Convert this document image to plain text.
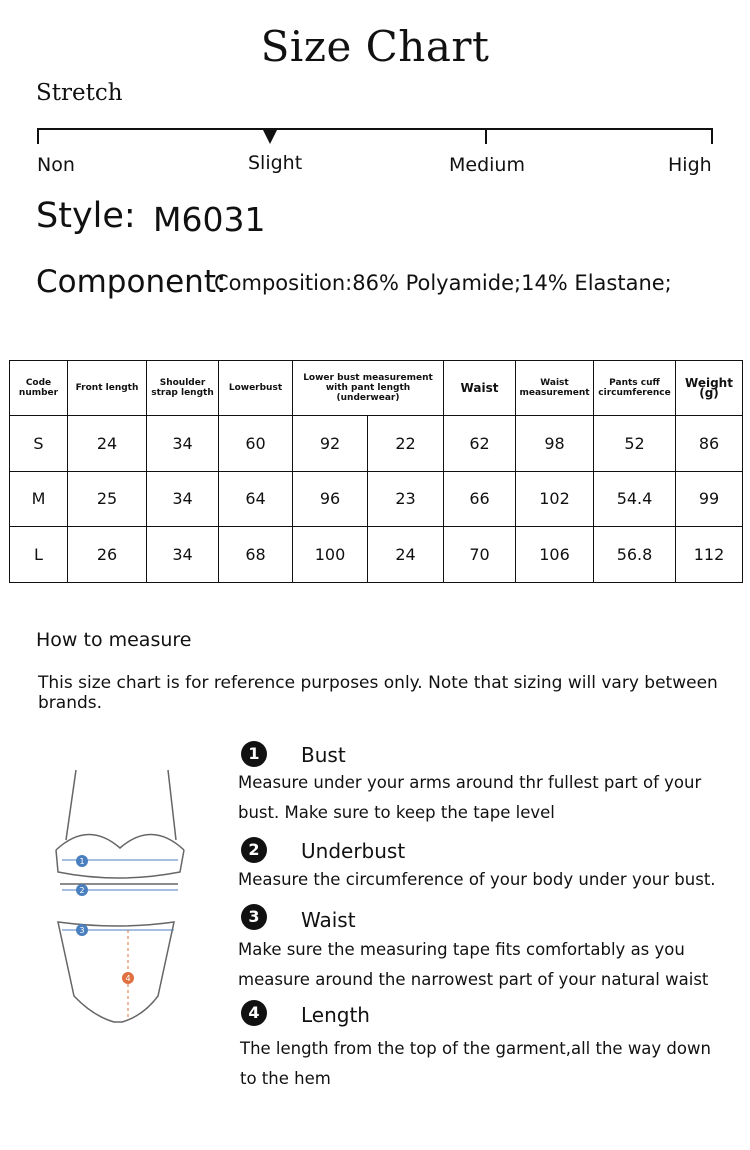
Size Chart
Stretch
Non	Slight	Medium	High
Style: M6031
Component:
Composition:86% Polyamide;14% Elastane;
Code number	Front length	Shoulder strap length	Lowerbust	Lower bust measurement with pant length (underwear)		Waist	Waist measurement	Pants cuff circumference	Weight (g)
S	24	34	60	92	22	62	98	52	86
M	25	34	64	96	23	66	102	54.4	99
L	26	34	68	100	24	70	106	56.8	112
How to measure
This size chart is for reference purposes only. Note that sizing will vary between brands.
1
2
3
4
1	Bust
Measure under your arms around thr fullest part of your bust. Make sure to keep the tape level
2	Underbust
Measure the circumference of your body under your bust.
3	Waist
Make sure the measuring tape fits comfortably as you measure around the narrowest part of your natural waist
4	Length
The length from the top of the garment,all the way down to the hem
